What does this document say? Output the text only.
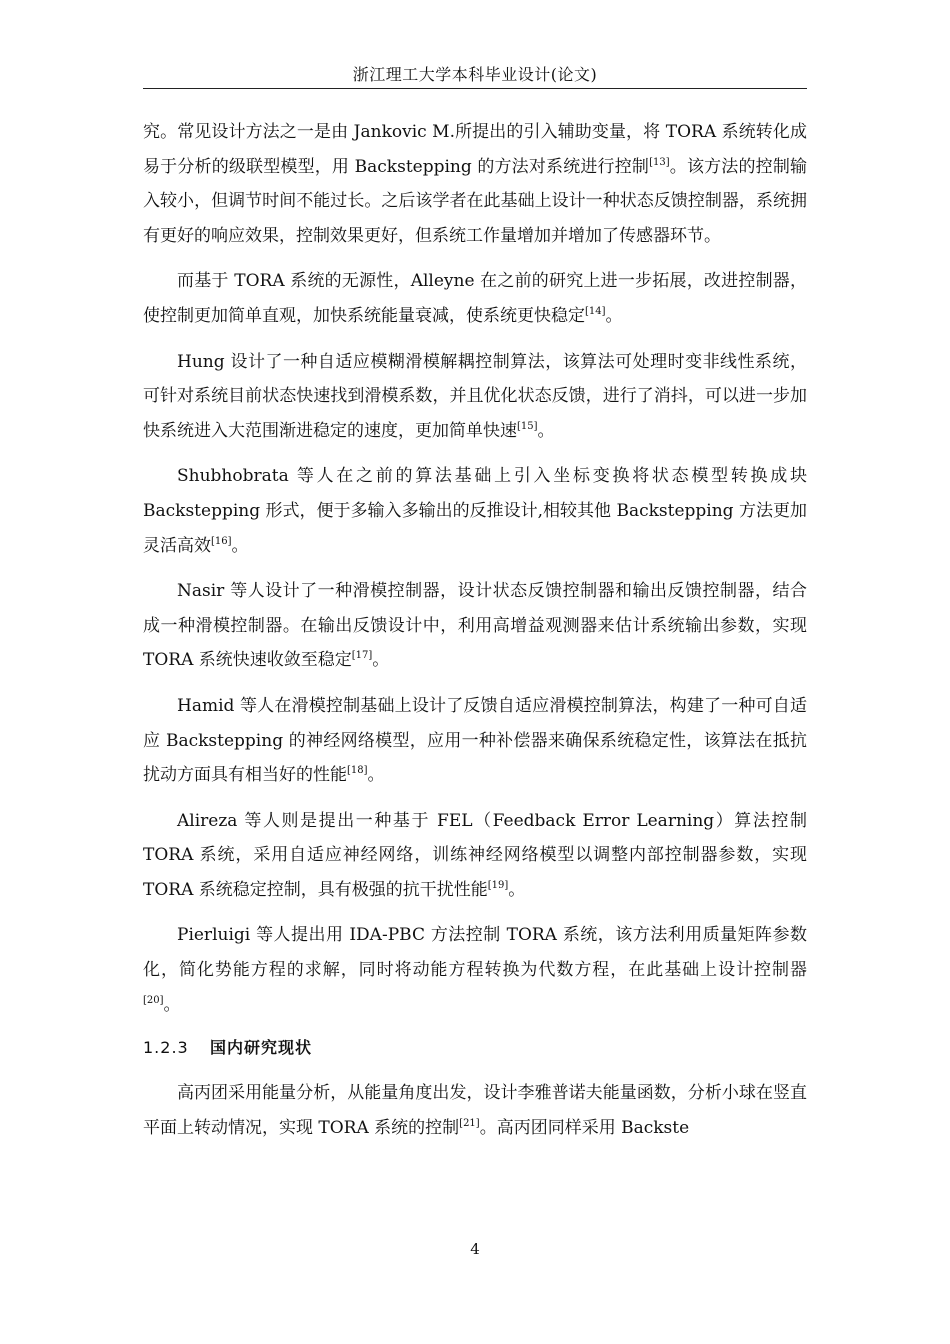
浙江理工大学本科毕业设计(论文)

究。常见设计方法之一是由 Jankovic M.所提出的引入辅助变量，将 TORA 系统转化成易于分析的级联型模型，用 Backstepping 的方法对系统进行控制[13]。该方法的控制输入较小，但调节时间不能过长。之后该学者在此基础上设计一种状态反馈控制器，系统拥有更好的响应效果，控制效果更好，但系统工作量增加并增加了传感器环节。

而基于 TORA 系统的无源性，Alleyne 在之前的研究上进一步拓展，改进控制器，使控制更加简单直观，加快系统能量衰减，使系统更快稳定[14]。

Hung 设计了一种自适应模糊滑模解耦控制算法，该算法可处理时变非线性系统，可针对系统目前状态快速找到滑模系数，并且优化状态反馈，进行了消抖，可以进一步加快系统进入大范围渐进稳定的速度，更加简单快速[15]。

Shubhobrata 等人在之前的算法基础上引入坐标变换将状态模型转换成块 Backstepping 形式，便于多输入多输出的反推设计,相较其他 Backstepping 方法更加灵活高效[16]。

Nasir 等人设计了一种滑模控制器，设计状态反馈控制器和输出反馈控制器，结合成一种滑模控制器。在输出反馈设计中，利用高增益观测器来估计系统输出参数，实现 TORA 系统快速收敛至稳定[17]。

Hamid 等人在滑模控制基础上设计了反馈自适应滑模控制算法，构建了一种可自适应 Backstepping 的神经网络模型，应用一种补偿器来确保系统稳定性，该算法在抵抗扰动方面具有相当好的性能[18]。

Alireza 等人则是提出一种基于 FEL（Feedback Error Learning）算法控制 TORA 系统，采用自适应神经网络，训练神经网络模型以调整内部控制器参数，实现 TORA 系统稳定控制，具有极强的抗干扰性能[19]。

Pierluigi 等人提出用 IDA-PBC 方法控制 TORA 系统，该方法利用质量矩阵参数化，简化势能方程的求解，同时将动能方程转换为代数方程，在此基础上设计控制器[20]。

1.2.3 国内研究现状

高丙团采用能量分析，从能量角度出发，设计李雅普诺夫能量函数，分析小球在竖直平面上转动情况，实现 TORA 系统的控制[21]。高丙团同样采用 Backste

4
